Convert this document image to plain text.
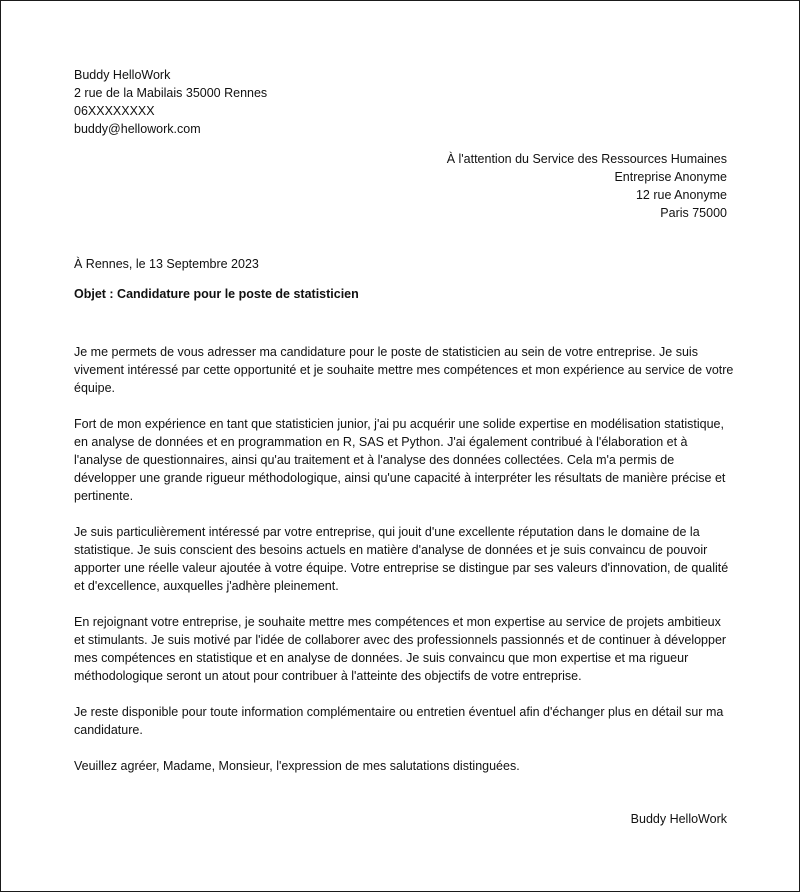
Buddy HelloWork
2 rue de la Mabilais 35000 Rennes
06XXXXXXXX
buddy@hellowork.com
À l'attention du Service des Ressources Humaines
Entreprise Anonyme
12 rue Anonyme
Paris 75000
À Rennes, le 13 Septembre 2023
Objet : Candidature pour le poste de statisticien

Je me permets de vous adresser ma candidature pour le poste de statisticien au sein de votre entreprise. Je suis vivement intéressé par cette opportunité et je souhaite mettre mes compétences et mon expérience au service de votre équipe.

Fort de mon expérience en tant que statisticien junior, j'ai pu acquérir une solide expertise en modélisation statistique, en analyse de données et en programmation en R, SAS et Python. J'ai également contribué à l'élaboration et à l'analyse de questionnaires, ainsi qu'au traitement et à l'analyse des données collectées. Cela m'a permis de développer une grande rigueur méthodologique, ainsi qu'une capacité à interpréter les résultats de manière précise et pertinente.

Je suis particulièrement intéressé par votre entreprise, qui jouit d'une excellente réputation dans le domaine de la statistique. Je suis conscient des besoins actuels en matière d'analyse de données et je suis convaincu de pouvoir apporter une réelle valeur ajoutée à votre équipe. Votre entreprise se distingue par ses valeurs d'innovation, de qualité et d'excellence, auxquelles j'adhère pleinement.

En rejoignant votre entreprise, je souhaite mettre mes compétences et mon expertise au service de projets ambitieux et stimulants. Je suis motivé par l'idée de collaborer avec des professionnels passionnés et de continuer à développer mes compétences en statistique et en analyse de données. Je suis convaincu que mon expertise et ma rigueur méthodologique seront un atout pour contribuer à l'atteinte des objectifs de votre entreprise.

Je reste disponible pour toute information complémentaire ou entretien éventuel afin d'échanger plus en détail sur ma candidature.

Veuillez agréer, Madame, Monsieur, l'expression de mes salutations distinguées.

Buddy HelloWork
